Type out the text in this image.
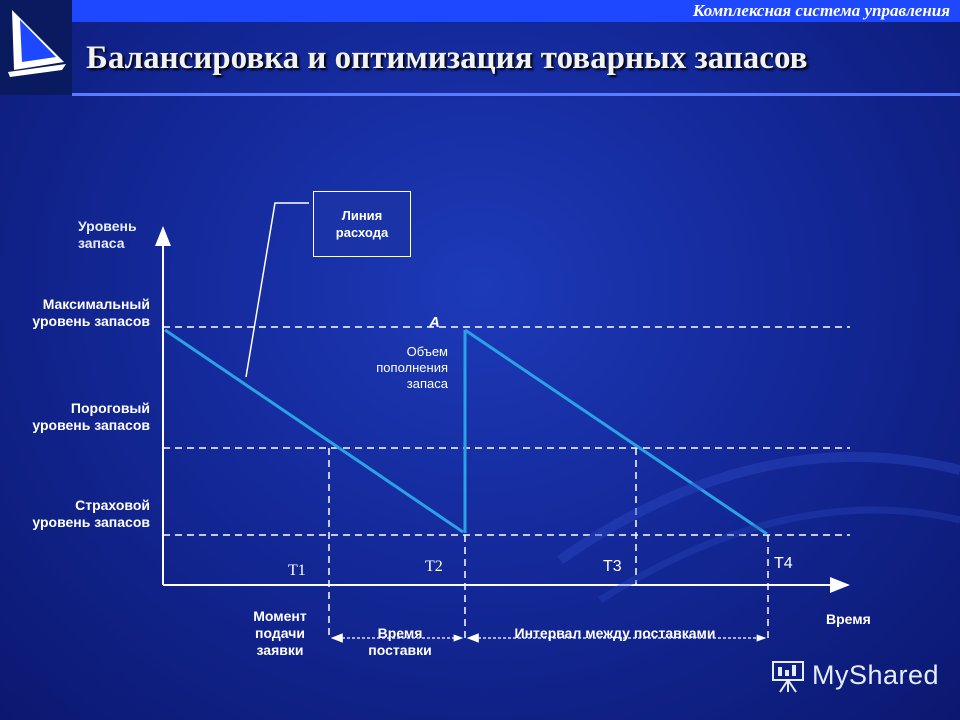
Комплексная система управления
Балансировка и оптимизация товарных запасов
Уровень
запаса
Время
Максимальный
уровень запасов
Пороговый
уровень запасов
Страховой
уровень запасов
Линия
расхода
А
Объем
пополнения
запаса
Т1	Т2	Т3	Т4
Момент
подачи
заявки
Время
поставки
Интервал между поставками
MyShared
